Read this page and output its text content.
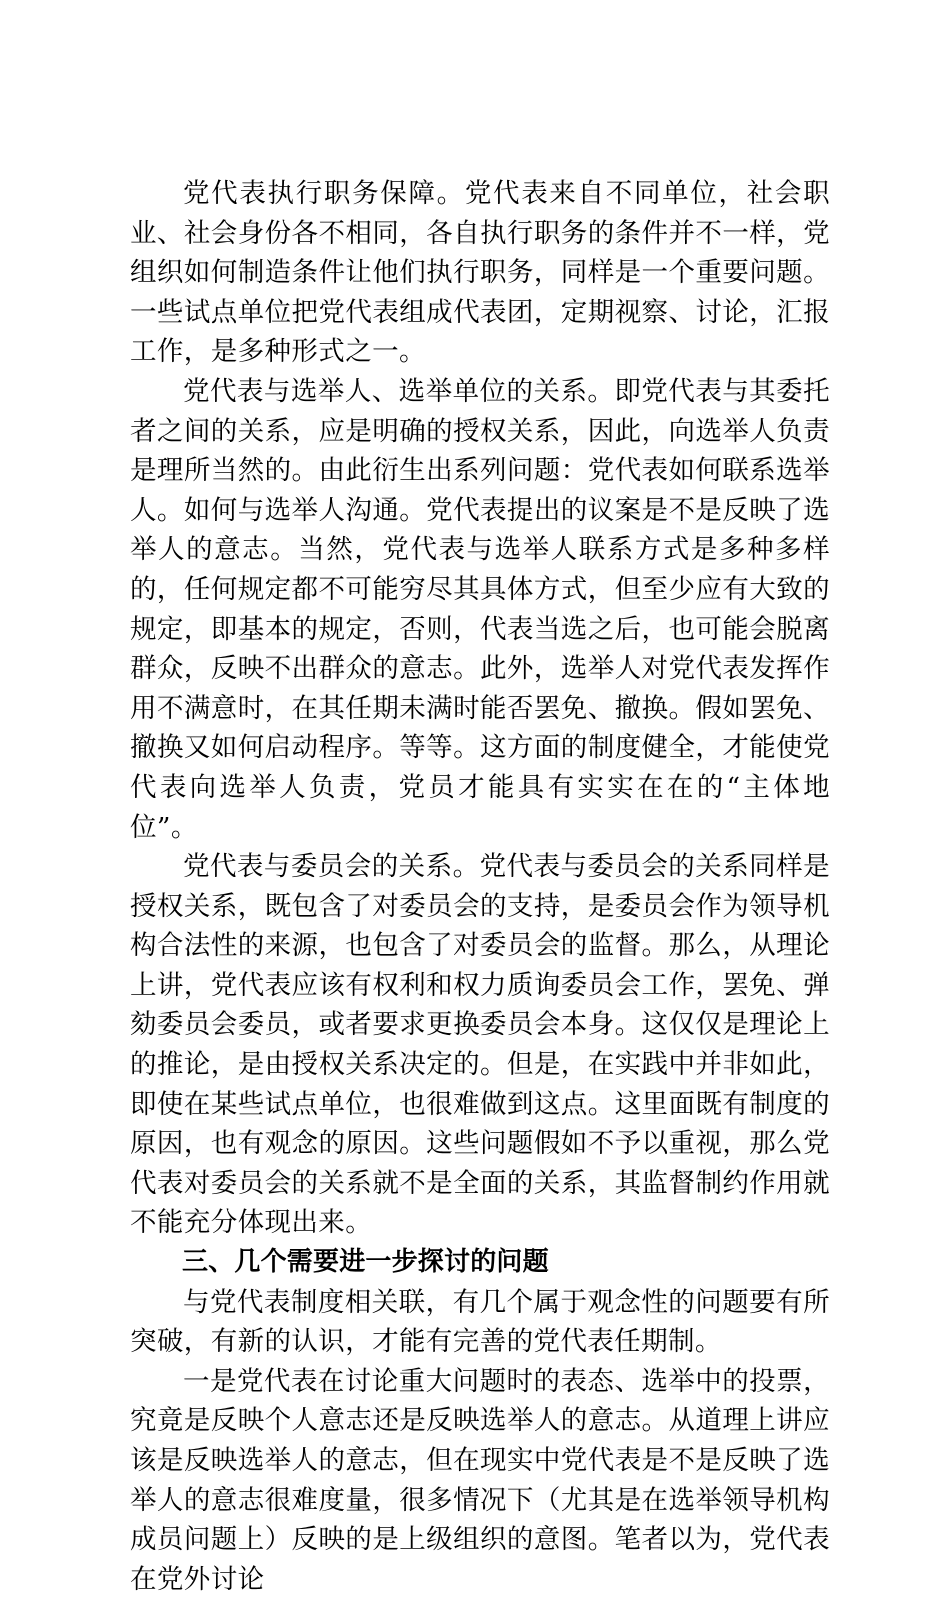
党代表执行职务保障。党代表来自不同单位，社会职业、社会身份各不相同，各自执行职务的条件并不一样，党组织如何制造条件让他们执行职务，同样是一个重要问题。一些试点单位把党代表组成代表团，定期视察、讨论，汇报工作，是多种形式之一。

党代表与选举人、选举单位的关系。即党代表与其委托者之间的关系，应是明确的授权关系，因此，向选举人负责是理所当然的。由此衍生出系列问题：党代表如何联系选举人。如何与选举人沟通。党代表提出的议案是不是反映了选举人的意志。当然，党代表与选举人联系方式是多种多样的，任何规定都不可能穷尽其具体方式，但至少应有大致的规定，即基本的规定，否则，代表当选之后，也可能会脱离群众，反映不出群众的意志。此外，选举人对党代表发挥作用不满意时，在其任期未满时能否罢免、撤换。假如罢免、撤换又如何启动程序。等等。这方面的制度健全，才能使党代表向选举人负责，党员才能具有实实在在的“主体地位”。

党代表与委员会的关系。党代表与委员会的关系同样是授权关系，既包含了对委员会的支持，是委员会作为领导机构合法性的来源，也包含了对委员会的监督。那么，从理论上讲，党代表应该有权利和权力质询委员会工作，罢免、弹劾委员会委员，或者要求更换委员会本身。这仅仅是理论上的推论，是由授权关系决定的。但是，在实践中并非如此，即使在某些试点单位，也很难做到这点。这里面既有制度的原因，也有观念的原因。这些问题假如不予以重视，那么党代表对委员会的关系就不是全面的关系，其监督制约作用就不能充分体现出来。

三、几个需要进一步探讨的问题

与党代表制度相关联，有几个属于观念性的问题要有所突破，有新的认识，才能有完善的党代表任期制。

一是党代表在讨论重大问题时的表态、选举中的投票，究竟是反映个人意志还是反映选举人的意志。从道理上讲应该是反映选举人的意志，但在现实中党代表是不是反映了选举人的意志很难度量，很多情况下（尤其是在选举领导机构成员问题上）反映的是上级组织的意图。笔者以为，党代表在党外讨论
